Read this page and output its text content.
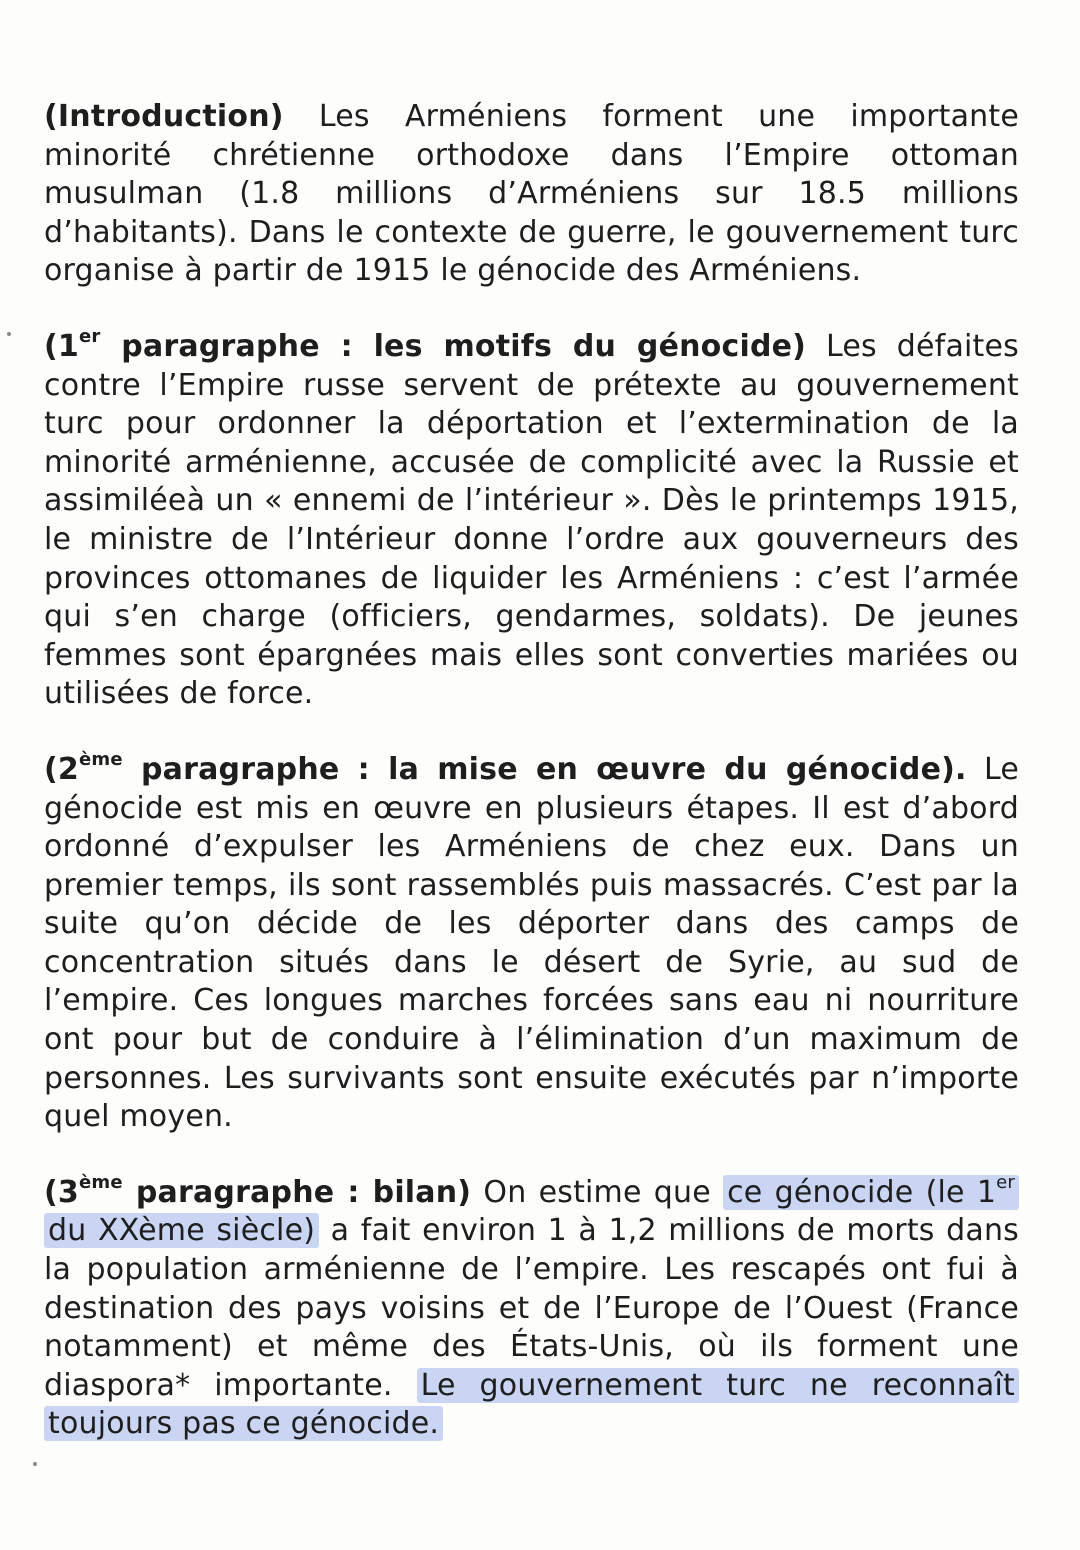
(Introduction) Les Arméniens forment une importante minorité chrétienne orthodoxe dans l’Empire ottoman musulman (1.8 millions d’Arméniens sur 18.5 millions d’habitants). Dans le contexte de guerre, le gouvernement turc organise à partir de 1915 le génocide des Arméniens.

(1er paragraphe : les motifs du génocide) Les défaites contre l’Empire russe servent de prétexte au gouvernement turc pour ordonner la déportation et l’extermination de la minorité arménienne, accusée de complicité avec la Russie et assimiléeà un « ennemi de l’intérieur ». Dès le printemps 1915, le ministre de l’Intérieur donne l’ordre aux gouverneurs des provinces ottomanes de liquider les Arméniens : c’est l’armée qui s’en charge (officiers, gendarmes, soldats). De jeunes femmes sont épargnées mais elles sont converties mariées ou utilisées de force.

(2ème paragraphe : la mise en œuvre du génocide). Le génocide est mis en œuvre en plusieurs étapes. Il est d’abord ordonné d’expulser les Arméniens de chez eux. Dans un premier temps, ils sont rassemblés puis massacrés. C’est par la suite qu’on décide de les déporter dans des camps de concentration situés dans le désert de Syrie, au sud de l’empire. Ces longues marches forcées sans eau ni nourriture ont pour but de conduire à l’élimination d’un maximum de personnes. Les survivants sont ensuite exécutés par n’importe quel moyen.

(3ème paragraphe : bilan) On estime que ce génocide (le 1er du XXème siècle) a fait environ 1 à 1,2 millions de morts dans la population arménienne de l’empire. Les rescapés ont fui à destination des pays voisins et de l’Europe de l’Ouest (France notamment) et même des États-Unis, où ils forment une diaspora* importante. Le gouvernement turc ne reconnaît toujours pas ce génocide.
